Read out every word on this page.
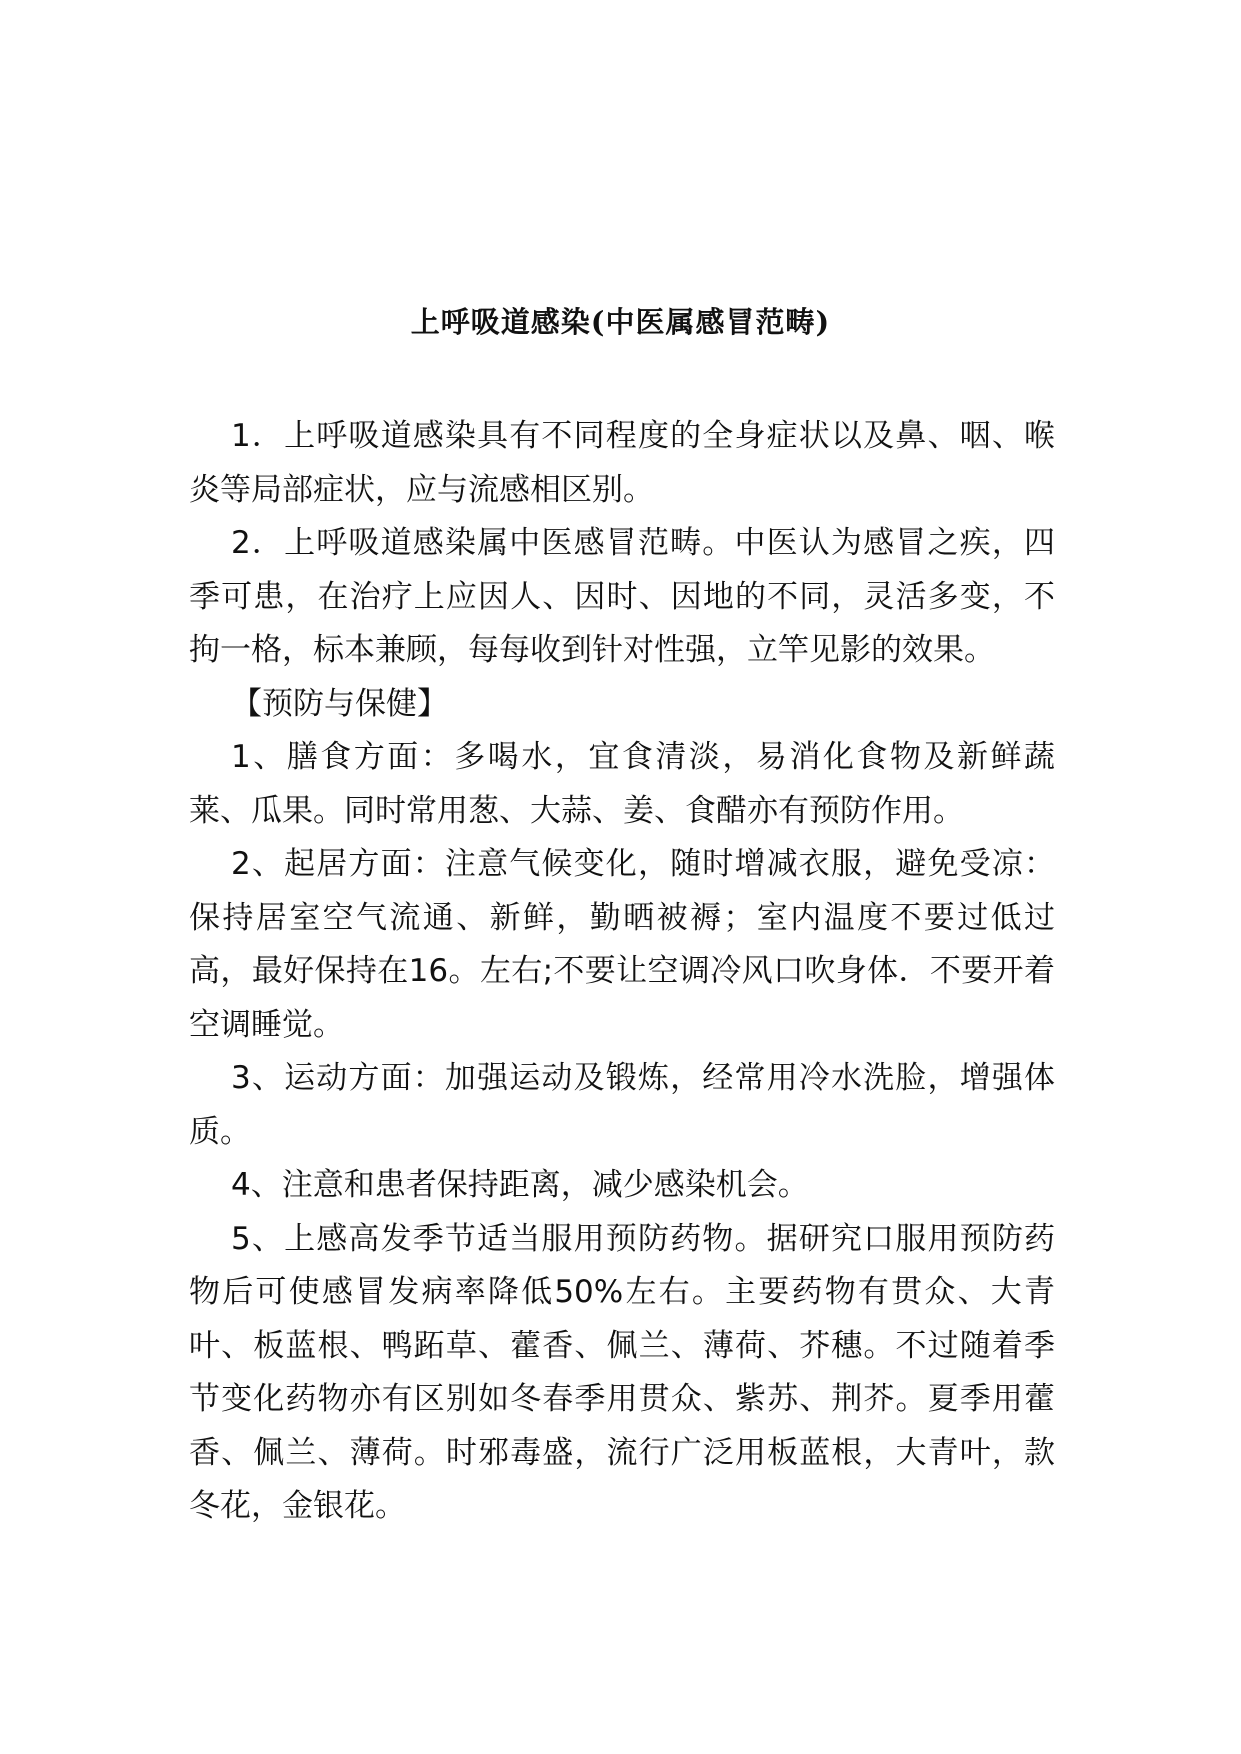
上呼吸道感染(中医属感冒范畴)

1．上呼吸道感染具有不同程度的全身症状以及鼻、咽、喉炎等局部症状，应与流感相区别。

2．上呼吸道感染属中医感冒范畴。中医认为感冒之疾，四 季可患，在治疗上应因人、因时、因地的不同，灵活多变，不拘一格，标本兼顾，每每收到针对性强，立竿见影的效果。

【预防与保健】

1、膳食方面：多喝水，宜食清淡，易消化食物及新鲜蔬莱、瓜果。同时常用葱、大蒜、姜、食醋亦有预防作用。

2、起居方面：注意气候变化，随时增减衣服，避免受凉：保持居室空气流通、新鲜，勤晒被褥；室内温度不要过低过高，最好保持在16。左右;不要让空调冷风口吹身体．不要开着空调睡觉。

3、运动方面：加强运动及锻炼，经常用冷水洗脸，增强体质。

4、注意和患者保持距离，减少感染机会。

5、上感高发季节适当服用预防药物。据研究口服用预防药物后可使感冒发病率降低50%左右。主要药物有贯众、大青叶、板蓝根、鸭跖草、藿香、佩兰、薄荷、芥穗。不过随着季节变化药物亦有区别如冬春季用贯众、紫苏、荆芥。夏季用藿香、佩兰、薄荷。时邪毒盛，流行广泛用板蓝根，大青叶，款冬花，金银花。
